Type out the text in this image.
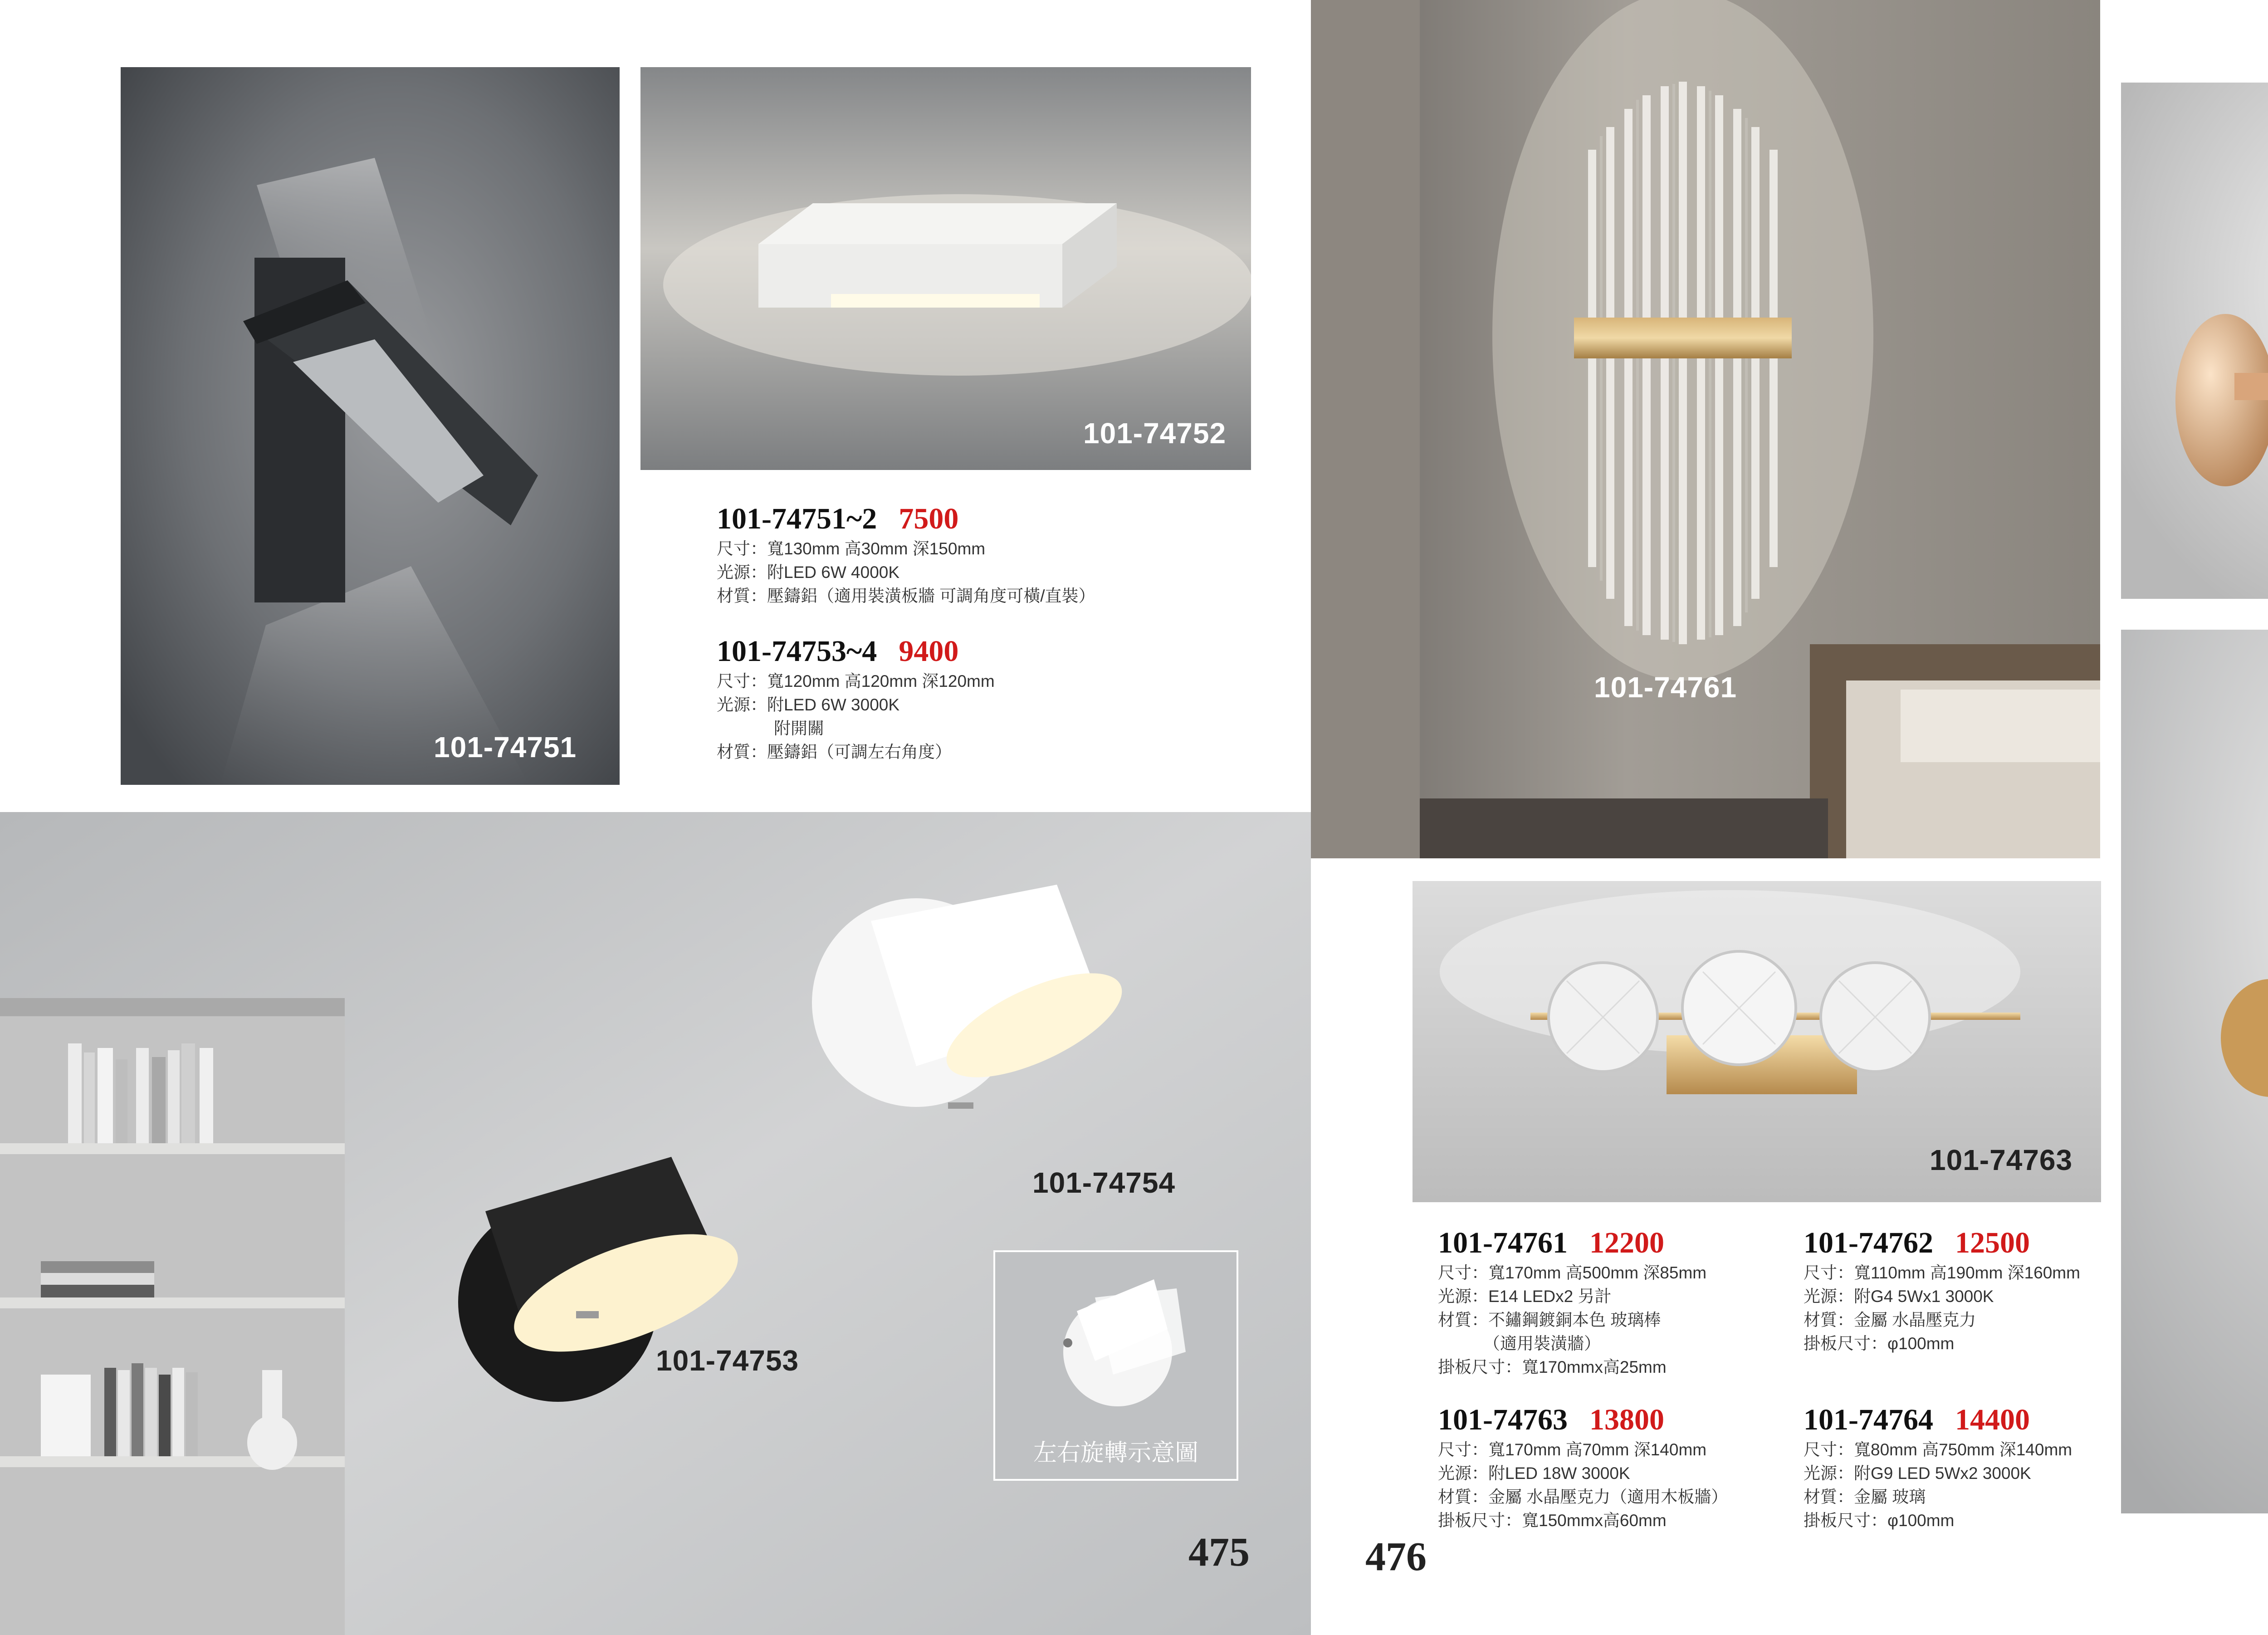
101-74751
101-74752
101-74751~2 7500
尺寸：寬130mm 高30mm 深150mm
光源：附LED 6W 4000K
材質：壓鑄鋁（適用裝潢板牆 可調角度可橫/直裝）
101-74753~4 9400
尺寸：寬120mm 高120mm 深120mm
光源：附LED 6W 3000K
附開關
材質：壓鑄鋁（可調左右角度）
101-74754
101-74753
左右旋轉示意圖
475
101-74761
101-74763
101-74761 12200
尺寸：寬170mm 高500mm 深85mm
光源：E14 LEDx2 另計
材質：不鏽鋼鍍銅本色 玻璃棒
（適用裝潢牆）
掛板尺寸：寬170mmx高25mm
101-74762 12500
尺寸：寬110mm 高190mm 深160mm
光源：附G4 5Wx1 3000K
材質：金屬 水晶壓克力
掛板尺寸：φ100mm
101-74763 13800
尺寸：寬170mm 高70mm 深140mm
光源：附LED 18W 3000K
材質：金屬 水晶壓克力（適用木板牆）
掛板尺寸：寬150mmx高60mm
101-74764 14400
尺寸：寬80mm 高750mm 深140mm
光源：附G9 LED 5Wx2 3000K
材質：金屬 玻璃
掛板尺寸：φ100mm
476
